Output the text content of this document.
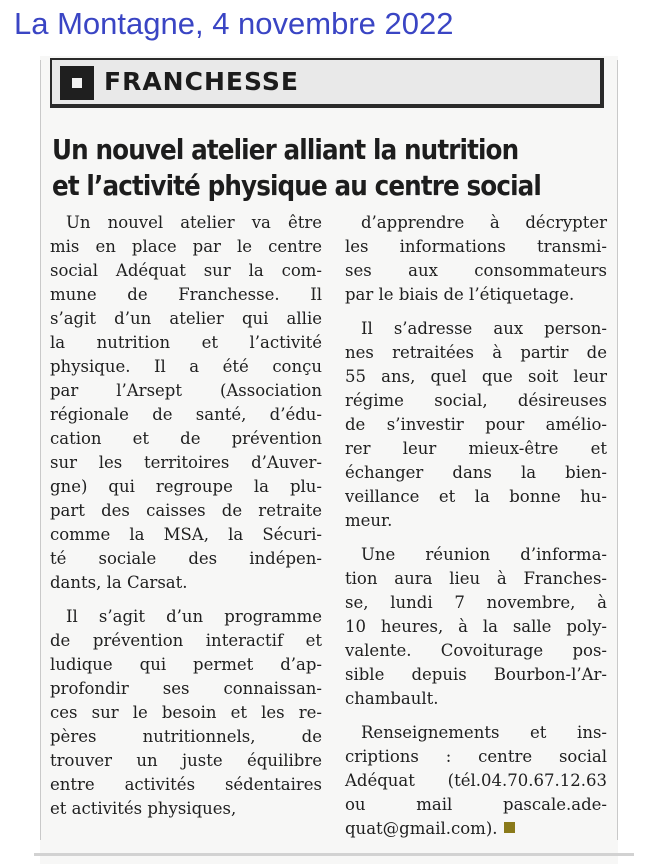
La Montagne, 4 novembre 2022
FRANCHESSE
Un nouvel atelier alliant la nutrition
et l’activité physique au centre social
Un nouvel atelier va être
mis en place par le centre
social Adéquat sur la com-
mune de Franchesse. Il
s’agit d’un atelier qui allie
la nutrition et l’activité
physique. Il a été conçu
par l’Arsept (Association
régionale de santé, d’édu-
cation et de prévention
sur les territoires d’Auver-
gne) qui regroupe la plu-
part des caisses de retraite
comme la MSA, la Sécuri-
té sociale des indépen-
dants, la Carsat.
Il s’agit d’un programme
de prévention interactif et
ludique qui permet d’ap-
profondir ses connaissan-
ces sur le besoin et les re-
pères nutritionnels, de
trouver un juste équilibre
entre activités sédentaires
et activités physiques,
d’apprendre à décrypter
les informations transmi-
ses aux consommateurs
par le biais de l’étiquetage.
Il s’adresse aux person-
nes retraitées à partir de
55 ans, quel que soit leur
régime social, désireuses
de s’investir pour amélio-
rer leur mieux-être et
échanger dans la bien-
veillance et la bonne hu-
meur.
Une réunion d’informa-
tion aura lieu à Franches-
se, lundi 7 novembre, à
10 heures, à la salle poly-
valente. Covoiturage pos-
sible depuis Bourbon-l’Ar-
chambault.
Renseignements et ins-
criptions : centre social
Adéquat (tél.04.70.67.12.63
ou mail pascale.ade-
quat@gmail.com).
